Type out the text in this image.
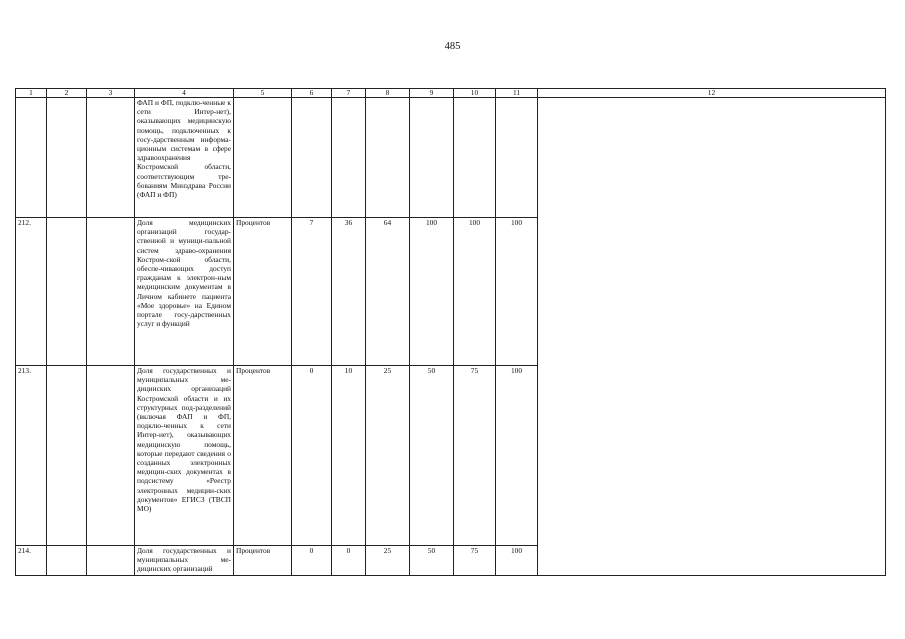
485
1	2	3	4	5	6	7	8	9	10	11	12
			ФАП и ФП, подклю-ченные к сети Интер-нет), оказывающих медицинскую помощь, подключенных к госу-дарственным информа-ционным системам в сфере здравоохранения Костромской области, соответствующим тре-бованиям Минздрава России (ФАП и ФП)								
212.			Доля медицинских организаций государ-ственной и муници-пальной систем здраво-охранения Костром-ской области, обеспе-чивающих доступ гражданам к электрон-ным медицинским документам в Личном кабинете пациента «Мое здоровье» на Едином портале госу-дарственных услуг и функций	Процентов	7	36	64	100	100	100	
213.			Доля государственных и муниципальных ме-дицинских организаций Костромской области и их структурных под-разделений (включая ФАП и ФП, подклю-ченных к сети Интер-нет), оказывающих медицинскую помощь, которые передают сведения о созданных электронных медицин-ских документах в подсистему «Реестр электронных медицин-ских документов» ЕГИСЗ (ТВСП МО)	Процентов	0	10	25	50	75	100	
214.			Доля государственных и муниципальных ме-дицинских организаций	Процентов	0	0	25	50	75	100	
